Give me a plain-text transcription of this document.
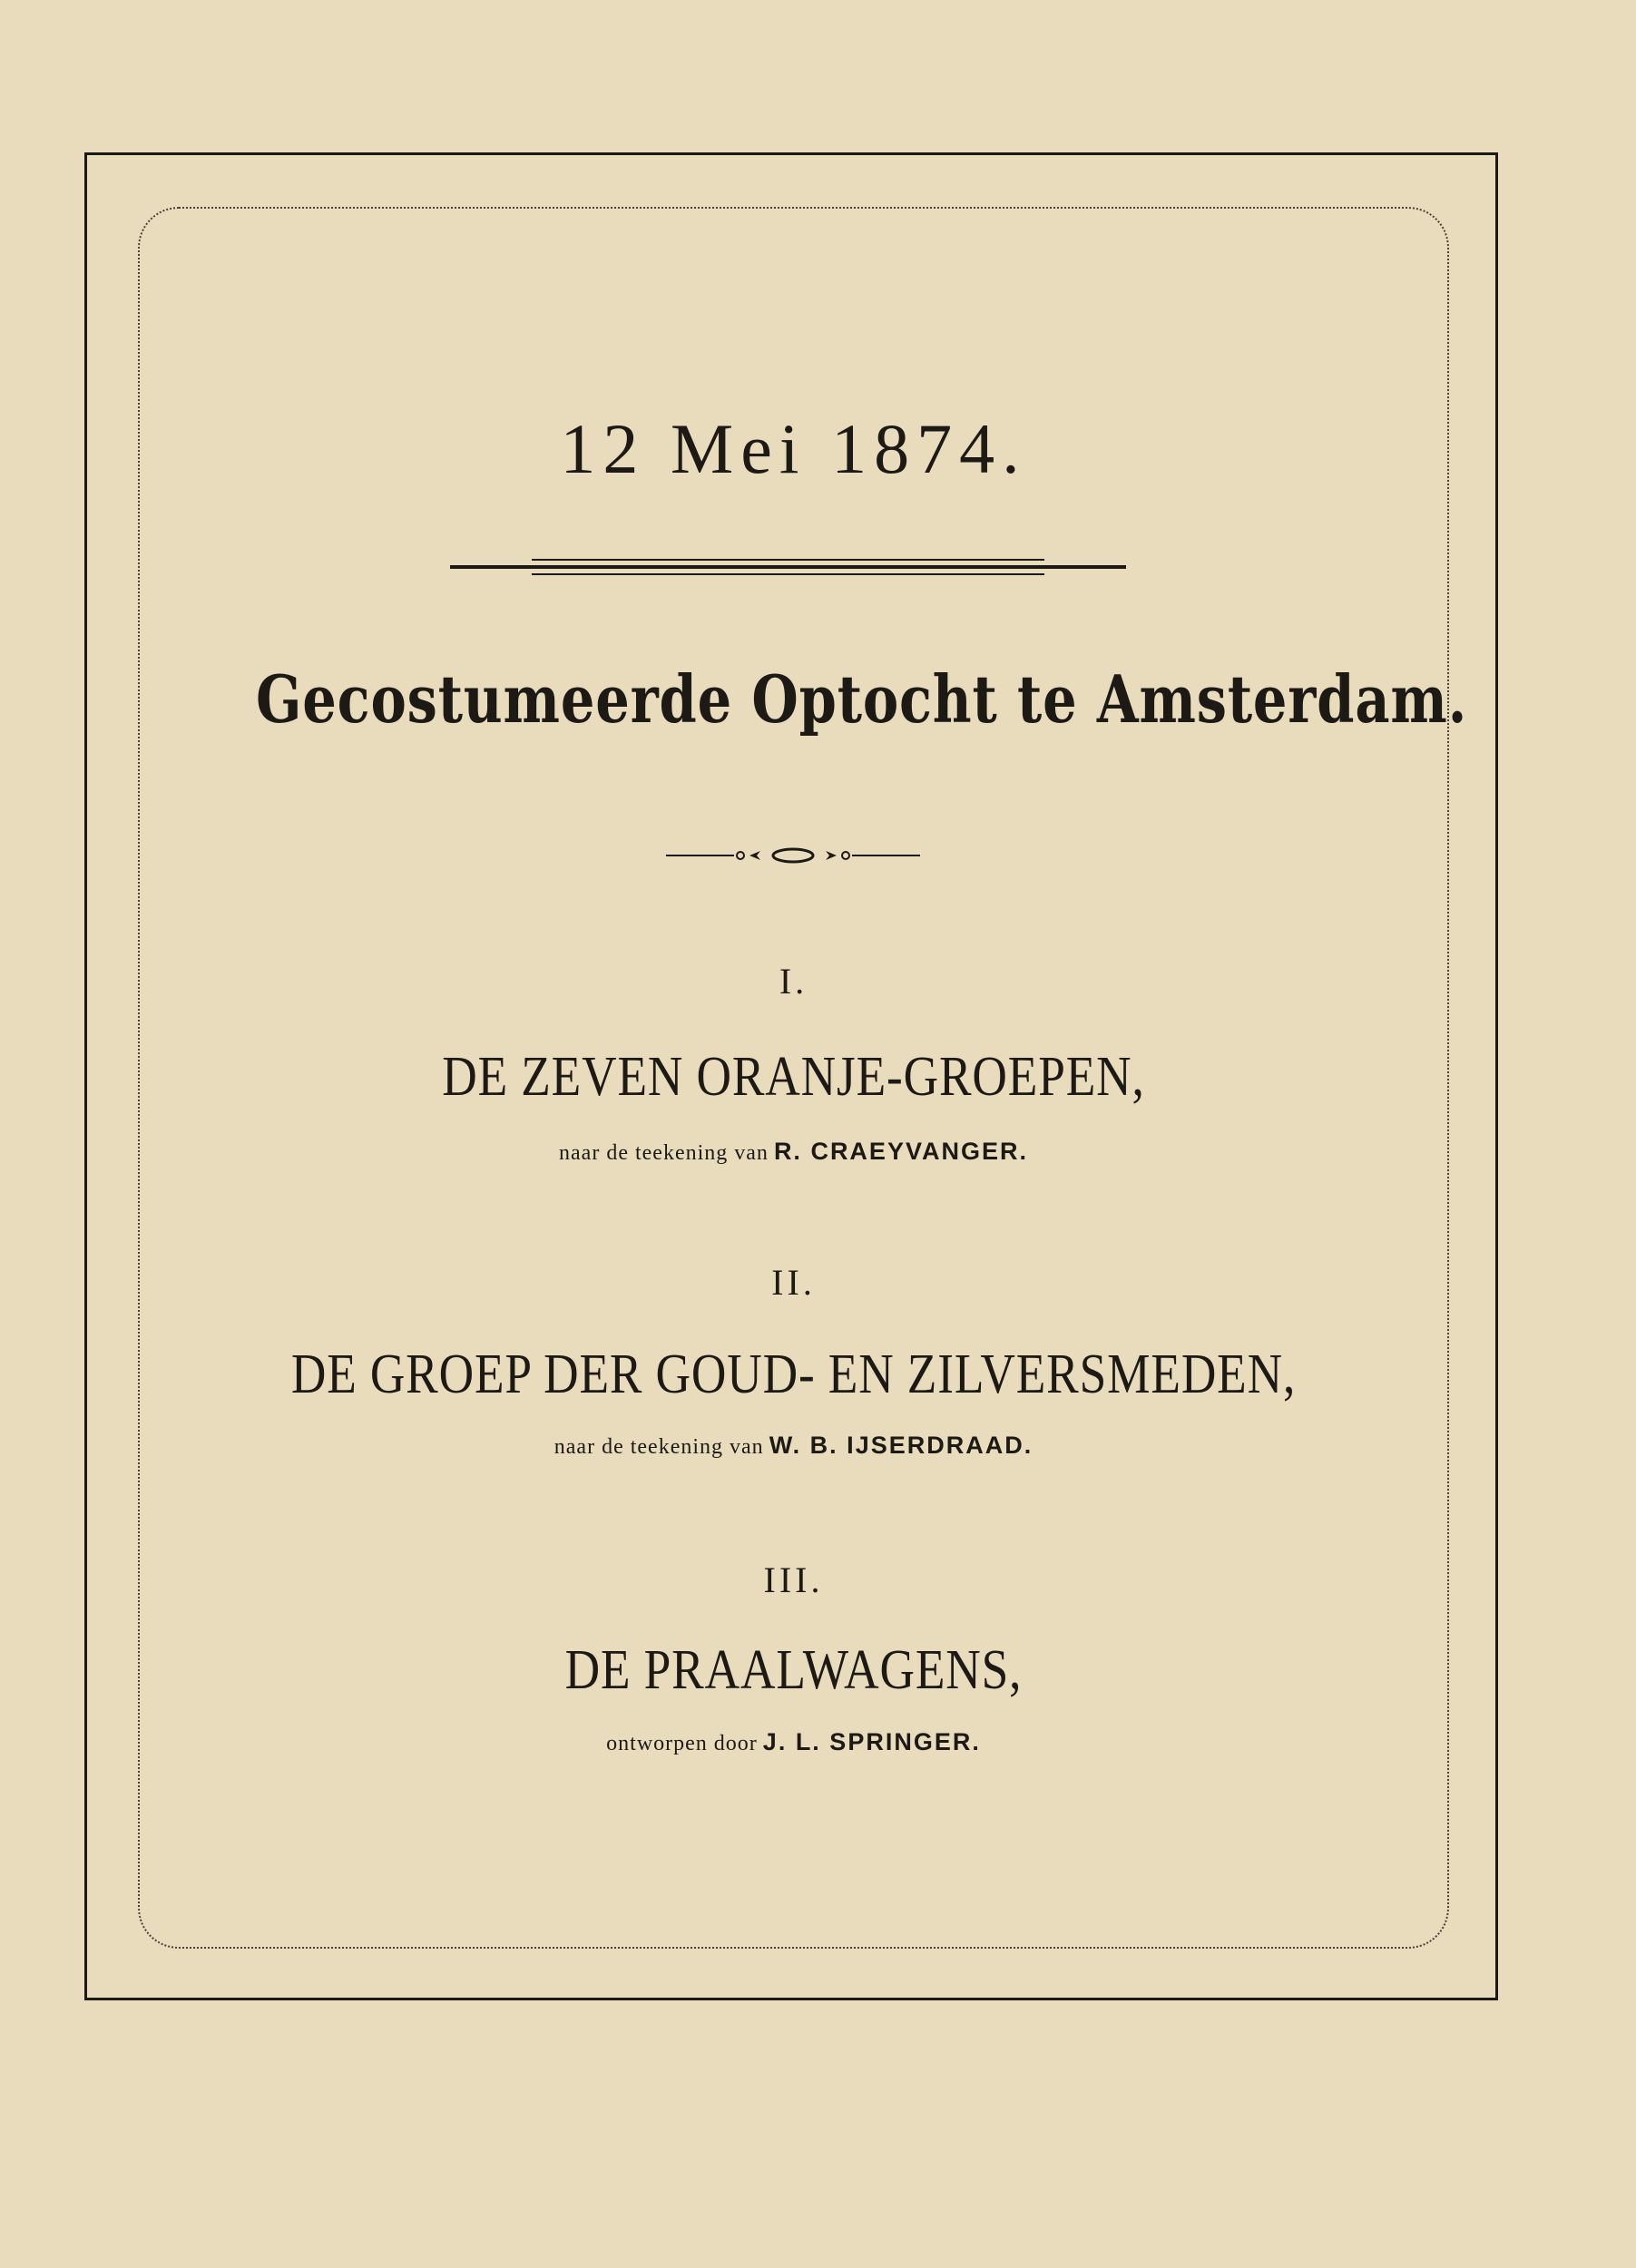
12 Mei 1874.
Gecostumeerde Optocht te Amsterdam.
I.
DE ZEVEN ORANJE-GROEPEN,
naar de teekening van R. CRAEYVANGER.
II.
DE GROEP DER GOUD- EN ZILVERSMEDEN,
naar de teekening van W. B. IJSERDRAAD.
III.
DE PRAALWAGENS,
ontworpen door J. L. SPRINGER.
